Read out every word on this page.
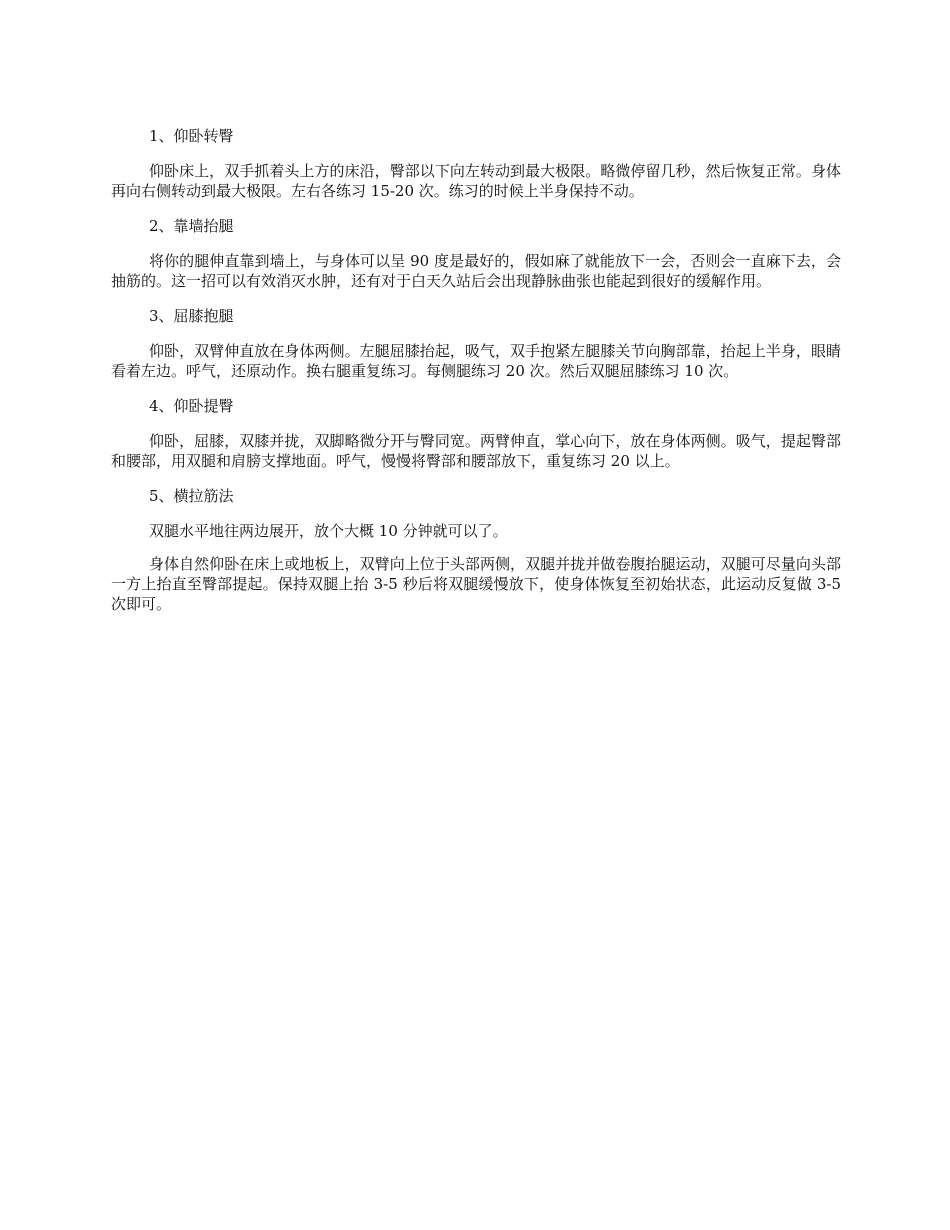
1、仰卧转臀

仰卧床上，双手抓着头上方的床沿，臀部以下向左转动到最大极限。略微停留几秒，然后恢复正常。身体再向右侧转动到最大极限。左右各练习 15-20 次。练习的时候上半身保持不动。

2、靠墙抬腿

将你的腿伸直靠到墙上，与身体可以呈 90 度是最好的，假如麻了就能放下一会，否则会一直麻下去，会抽筋的。这一招可以有效消灭水肿，还有对于白天久站后会出现静脉曲张也能起到很好的缓解作用。

3、屈膝抱腿

仰卧，双臂伸直放在身体两侧。左腿屈膝抬起，吸气，双手抱紧左腿膝关节向胸部靠，抬起上半身，眼睛看着左边。呼气，还原动作。换右腿重复练习。每侧腿练习 20 次。然后双腿屈膝练习 10 次。

4、仰卧提臀

仰卧，屈膝，双膝并拢，双脚略微分开与臀同宽。两臂伸直，掌心向下，放在身体两侧。吸气，提起臀部和腰部，用双腿和肩膀支撑地面。呼气，慢慢将臀部和腰部放下，重复练习 20 以上。

5、横拉筋法

双腿水平地往两边展开，放个大概 10 分钟就可以了。

身体自然仰卧在床上或地板上，双臂向上位于头部两侧，双腿并拢并做卷腹抬腿运动，双腿可尽量向头部一方上抬直至臀部提起。保持双腿上抬 3-5 秒后将双腿缓慢放下，使身体恢复至初始状态，此运动反复做 3-5 次即可。
